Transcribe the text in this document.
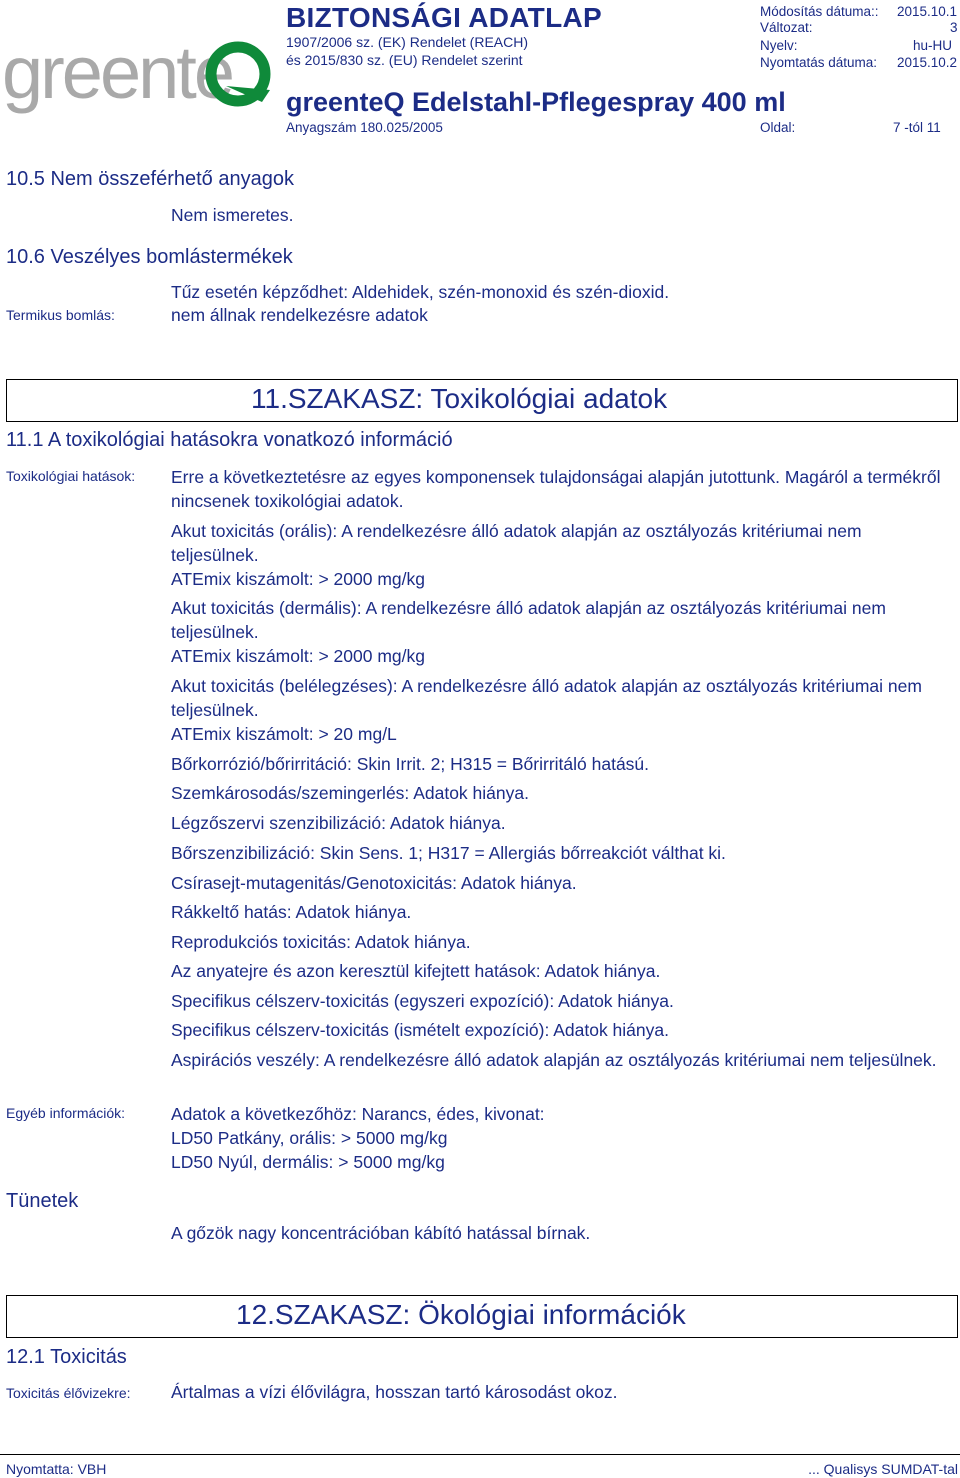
greente
BIZTONSÁGI ADATLAP
1907/2006 sz. (EK) Rendelet (REACH)
és 2015/830 sz. (EU) Rendelet szerint
Módosítás dátuma:: 2015.10.1
Változat:	3
Nyelv:	hu-HU
Nyomtatás dátuma: 2015.10.2
greenteQ Edelstahl-Pflegespray 400 ml
Anyagszám 180.025/2005	Oldal:	7 -tól 11
10.5 Nem összeférhető anyagok
Nem ismeretes.
10.6 Veszélyes bomlástermékek
Tűz esetén képződhet: Aldehidek, szén-monoxid és szén-dioxid.
Termikus bomlás:	nem állnak rendelkezésre adatok
11.SZAKASZ: Toxikológiai adatok
11.1 A toxikológiai hatásokra vonatkozó információ
Toxikológiai hatások: Erre a következtetésre az egyes komponensek tulajdonságai alapján jutottunk. Magáról a termékről nincsenek toxikológiai adatok.
Akut toxicitás (orális): A rendelkezésre álló adatok alapján az osztályozás kritériumai nem teljesülnek.
ATEmix kiszámolt: > 2000 mg/kg
Akut toxicitás (dermális): A rendelkezésre álló adatok alapján az osztályozás kritériumai nem teljesülnek.
ATEmix kiszámolt: > 2000 mg/kg
Akut toxicitás (belélegzéses): A rendelkezésre álló adatok alapján az osztályozás kritériumai nem teljesülnek.
ATEmix kiszámolt: > 20 mg/L
Bőrkorrózió/bőrirritáció: Skin Irrit. 2; H315 = Bőrirritáló hatású.
Szemkárosodás/szemingerlés: Adatok hiánya.
Légzőszervi szenzibilizáció: Adatok hiánya.
Bőrszenzibilizáció: Skin Sens. 1; H317 = Allergiás bőrreakciót válthat ki.
Csírasejt-mutagenitás/Genotoxicitás: Adatok hiánya.
Rákkeltő hatás: Adatok hiánya.
Reprodukciós toxicitás: Adatok hiánya.
Az anyatejre és azon keresztül kifejtett hatások: Adatok hiánya.
Specifikus célszerv-toxicitás (egyszeri expozíció): Adatok hiánya.
Specifikus célszerv-toxicitás (ismételt expozíció): Adatok hiánya.
Aspirációs veszély: A rendelkezésre álló adatok alapján az osztályozás kritériumai nem teljesülnek.
Egyéb információk:	Adatok a következőhöz: Narancs, édes, kivonat:
LD50 Patkány, orális: > 5000 mg/kg
LD50 Nyúl, dermális: > 5000 mg/kg
Tünetek
A gőzök nagy koncentrációban kábító hatással bírnak.
12.SZAKASZ: Ökológiai információk
12.1 Toxicitás
Toxicitás élővizekre: Ártalmas a vízi élővilágra, hosszan tartó károsodást okoz.
Nyomtatta: VBH	... Qualisys SUMDAT-tal
